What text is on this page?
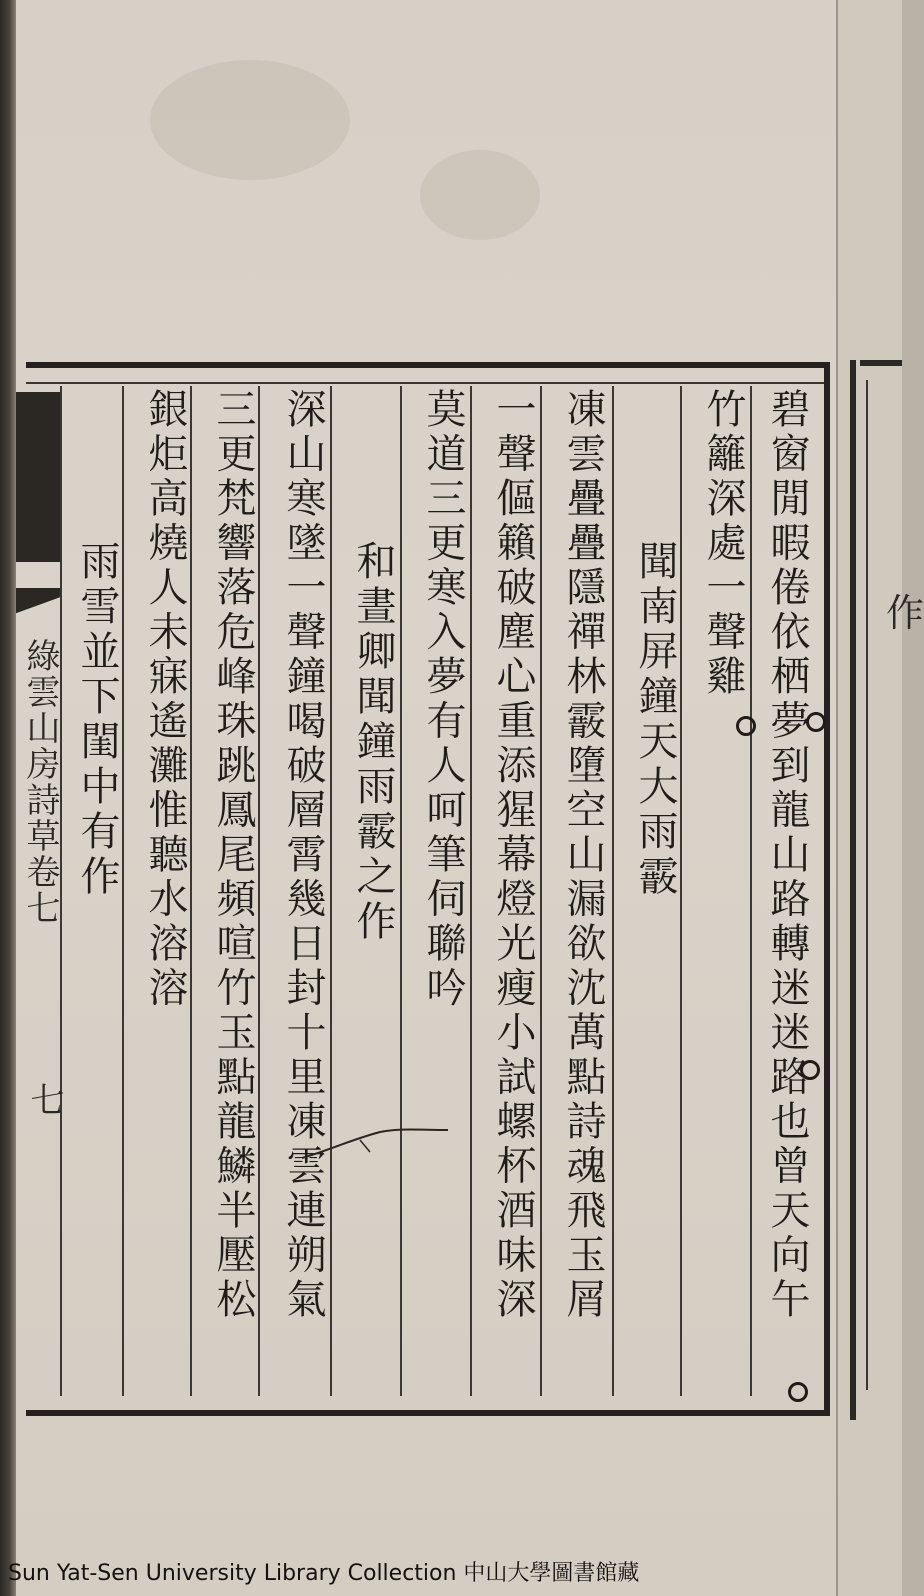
作
綠雲山房詩草卷七
七	碧窗閒暇倦依栖夢到龍山路轉迷迷路也曾天向午
竹籬深處一聲雞
聞南屏鐘天大雨霰
凍雲疊疊隱禪林霰墮空山漏欲沈萬點詩魂飛玉屑
一聲傴籟破塵心重添猩幕燈光瘦小試螺杯酒味深
莫道三更寒入夢有人呵筆伺聯吟
和晝卿聞鐘雨霰之作
深山寒墜一聲鐘喝破層霄幾日封十里凍雲連朔氣
三更梵響落危峰珠跳鳳尾頻喧竹玉點龍鱗半壓松
銀炬高燒人未寐遙灘惟聽水溶溶
雨雪並下閨中有作
Sun Yat-Sen University Library Collection 中山大學圖書館藏
